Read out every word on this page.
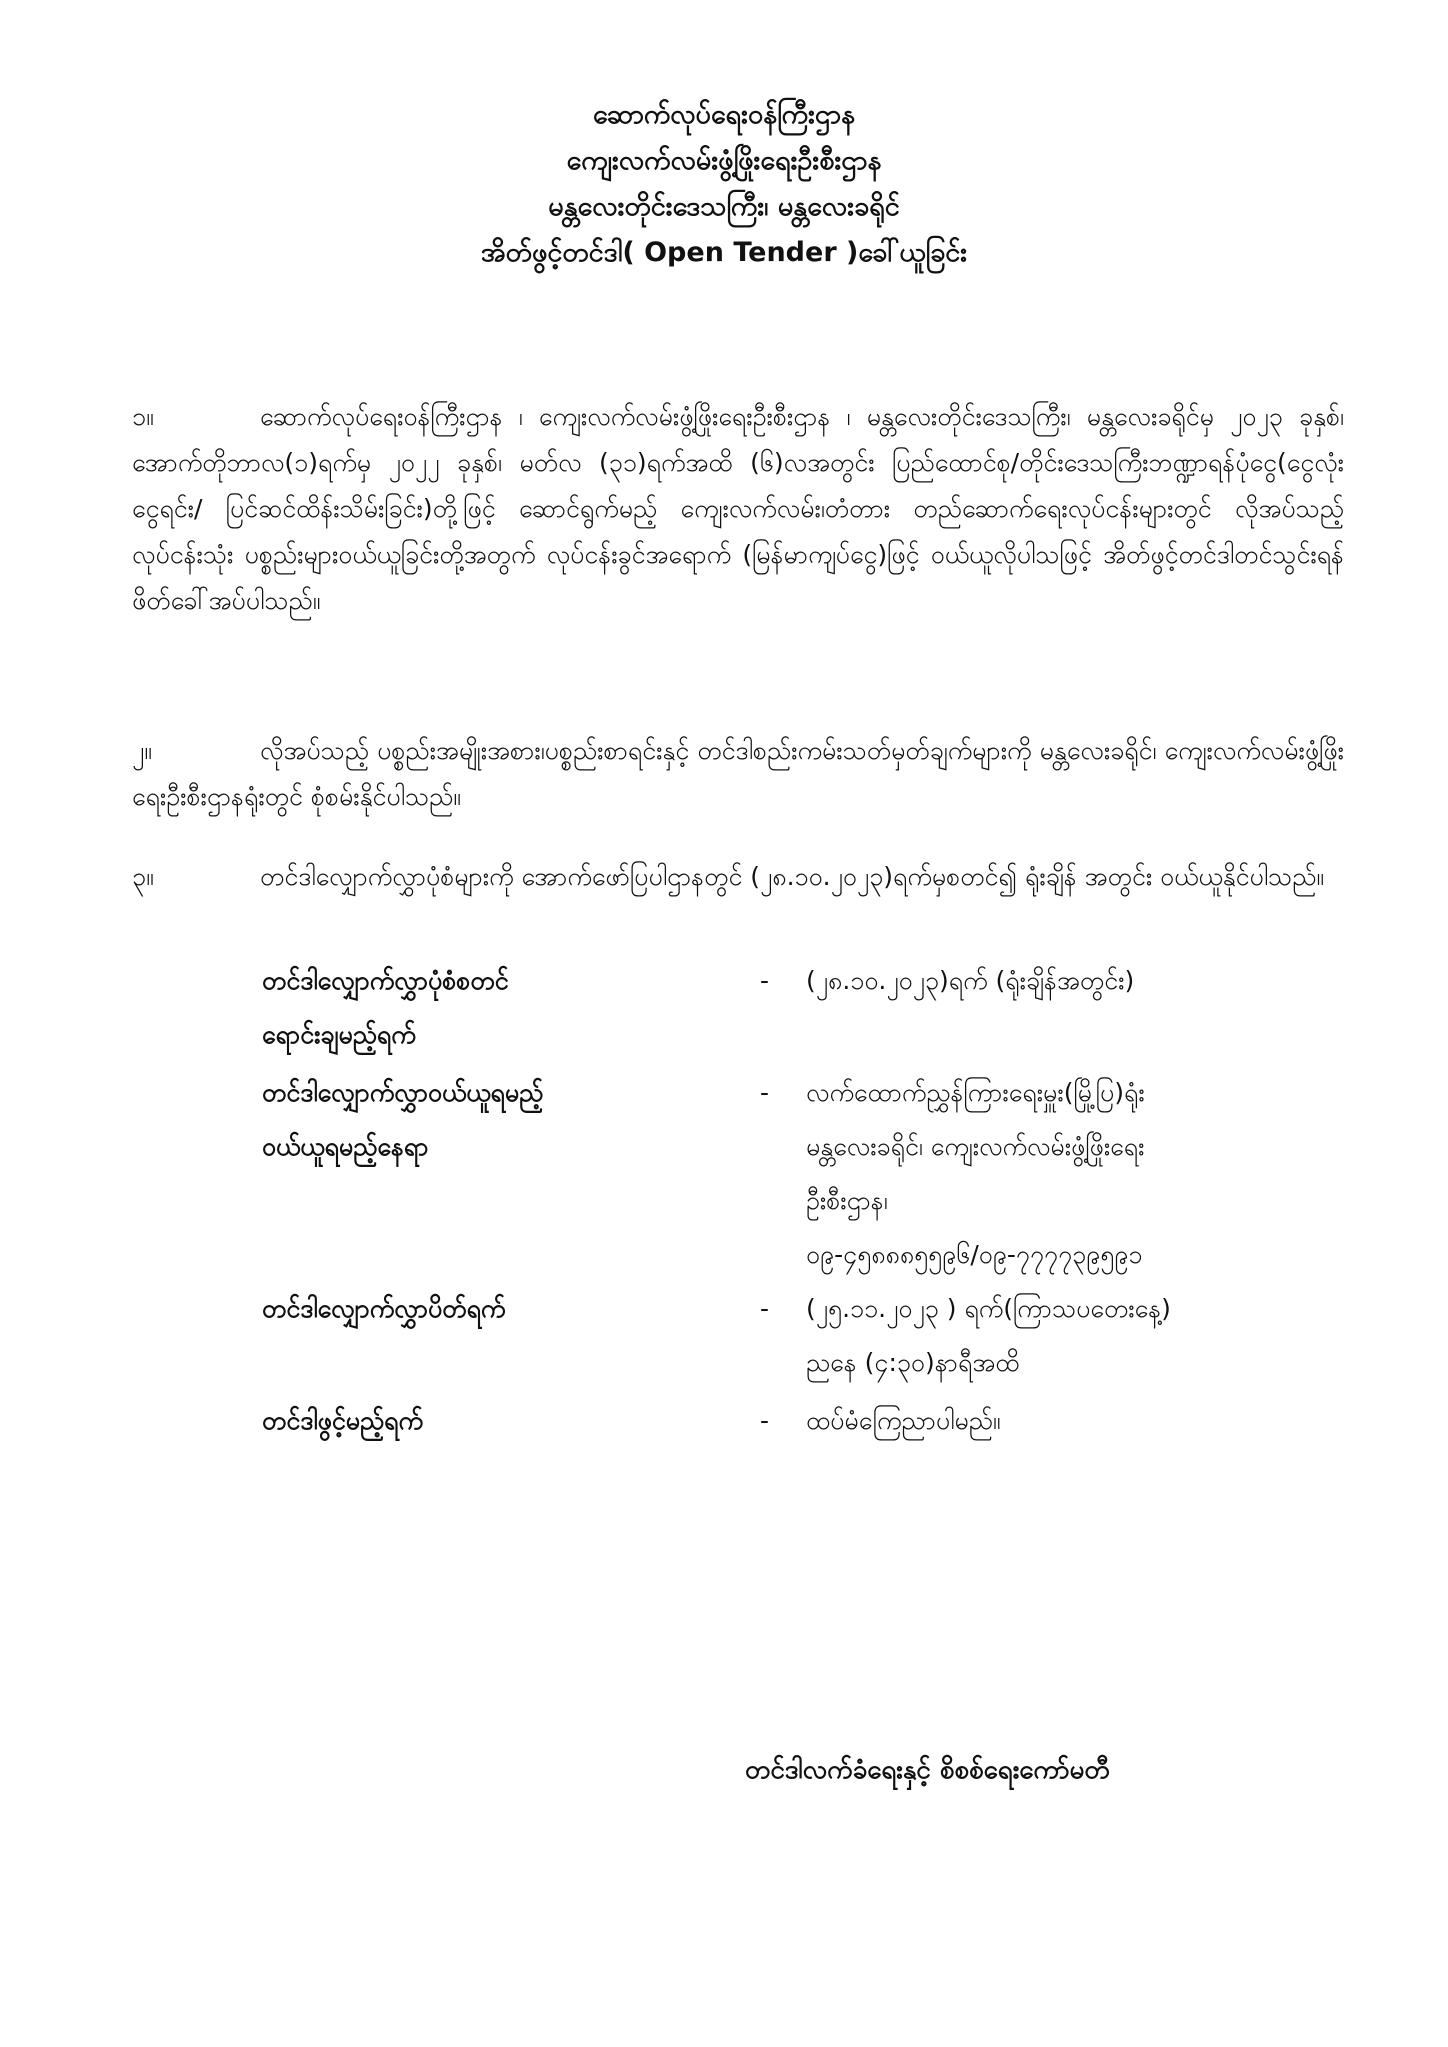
ဆောက်လုပ်ရေးဝန်ကြီးဌာန
ကျေးလက်လမ်းဖွံ့ဖြိုးရေးဦးစီးဌာန
မန္တလေးတိုင်းဒေသကြီး၊ မန္တလေးခရိုင်
အိတ်ဖွင့်တင်ဒါ( Open Tender )ခေါ်ယူခြင်း
၁။	ဆောက်လုပ်ရေးဝန်ကြီးဌာန ၊ ကျေးလက်လမ်းဖွံ့ဖြိုးရေးဦးစီးဌာန ၊ မန္တလေးတိုင်းဒေသကြီး၊ မန္တလေးခရိုင်မှ ၂၀၂၃ ခုနှစ်၊ အောက်တိုဘာလ(၁)ရက်မှ ၂၀၂၂ ခုနှစ်၊ မတ်လ (၃၁)ရက်အထိ (၆)လအတွင်း ပြည်ထောင်စု/တိုင်းဒေသကြီးဘဏ္ဍာရန်ပုံငွေ(ငွေလုံးငွေရင်း/ ပြင်ဆင်ထိန်းသိမ်းခြင်း)တို့ဖြင့် ဆောင်ရွက်မည့် ကျေးလက်လမ်း၊တံတား တည်ဆောက်ရေးလုပ်ငန်းများတွင် လိုအပ်သည့် လုပ်ငန်းသုံး ပစ္စည်းများဝယ်ယူခြင်းတို့အတွက် လုပ်ငန်းခွင်အရောက် (မြန်မာကျပ်ငွေ)ဖြင့် ဝယ်ယူလိုပါသဖြင့် အိတ်ဖွင့်တင်ဒါတင်သွင်းရန် ဖိတ်ခေါ်အပ်ပါသည်။
၂။	လိုအပ်သည့် ပစ္စည်းအမျိုးအစား၊ပစ္စည်းစာရင်းနှင့် တင်ဒါစည်းကမ်းသတ်မှတ်ချက်များကို မန္တလေးခရိုင်၊ ကျေးလက်လမ်းဖွံ့ဖြိုးရေးဦးစီးဌာနရုံးတွင် စုံစမ်းနိုင်ပါသည်။
၃။	တင်ဒါလျှောက်လွှာပုံစံများကို အောက်ဖော်ပြပါဌာနတွင် (၂၈.၁၀.၂၀၂၃)ရက်မှစတင်၍ ရုံးချိန် အတွင်း ဝယ်ယူနိုင်ပါသည်။
တင်ဒါလျှောက်လွှာပုံစံစတင်	- (၂၈.၁၀.၂၀၂၃)ရက် (ရုံးချိန်အတွင်း)
ရောင်းချမည့်ရက်
တင်ဒါလျှောက်လွှာဝယ်ယူရမည့်	- လက်ထောက်ညွှန်ကြားရေးမှူး(မြို့ပြ)ရုံး
ဝယ်ယူရမည့်နေရာ	မန္တလေးခရိုင်၊ ကျေးလက်လမ်းဖွံ့ဖြိုးရေး
ဦးစီးဌာန၊
၀၉-၄၅၈၈၈၅၅၉၆/၀၉-၇၇၇၇၃၉၅၉၁
တင်ဒါလျှောက်လွှာပိတ်ရက်	- (၂၅.၁၁.၂၀၂၃ ) ရက်(ကြာသပတေးနေ့)
ညနေ (၄:၃၀)နာရီအထိ
တင်ဒါဖွင့်မည့်ရက်	- ထပ်မံကြေညာပါမည်။
တင်ဒါလက်ခံရေးနှင့် စိစစ်ရေးကော်မတီ
